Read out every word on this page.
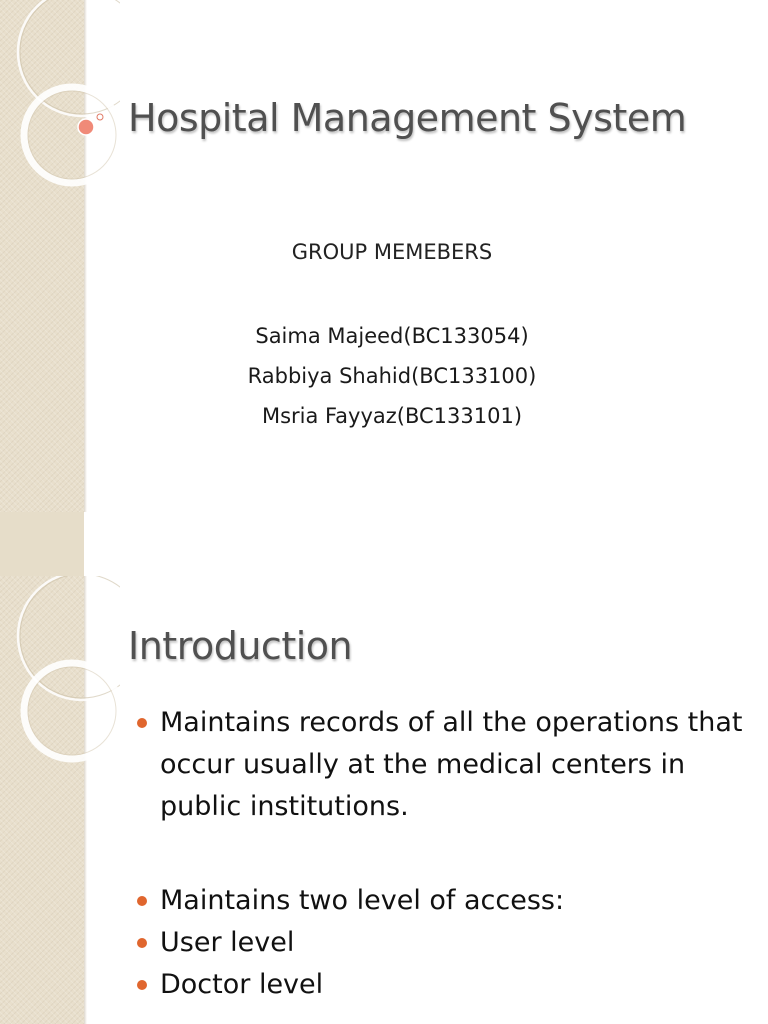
Hospital Management System
GROUP MEMEBERS
Saima Majeed(BC133054)
Rabbiya Shahid(BC133100)
Msria Fayyaz(BC133101)
Introduction
Maintains records of all the operations that occur usually at the medical centers in public institutions.
Maintains two level of access:
User level
Doctor level
